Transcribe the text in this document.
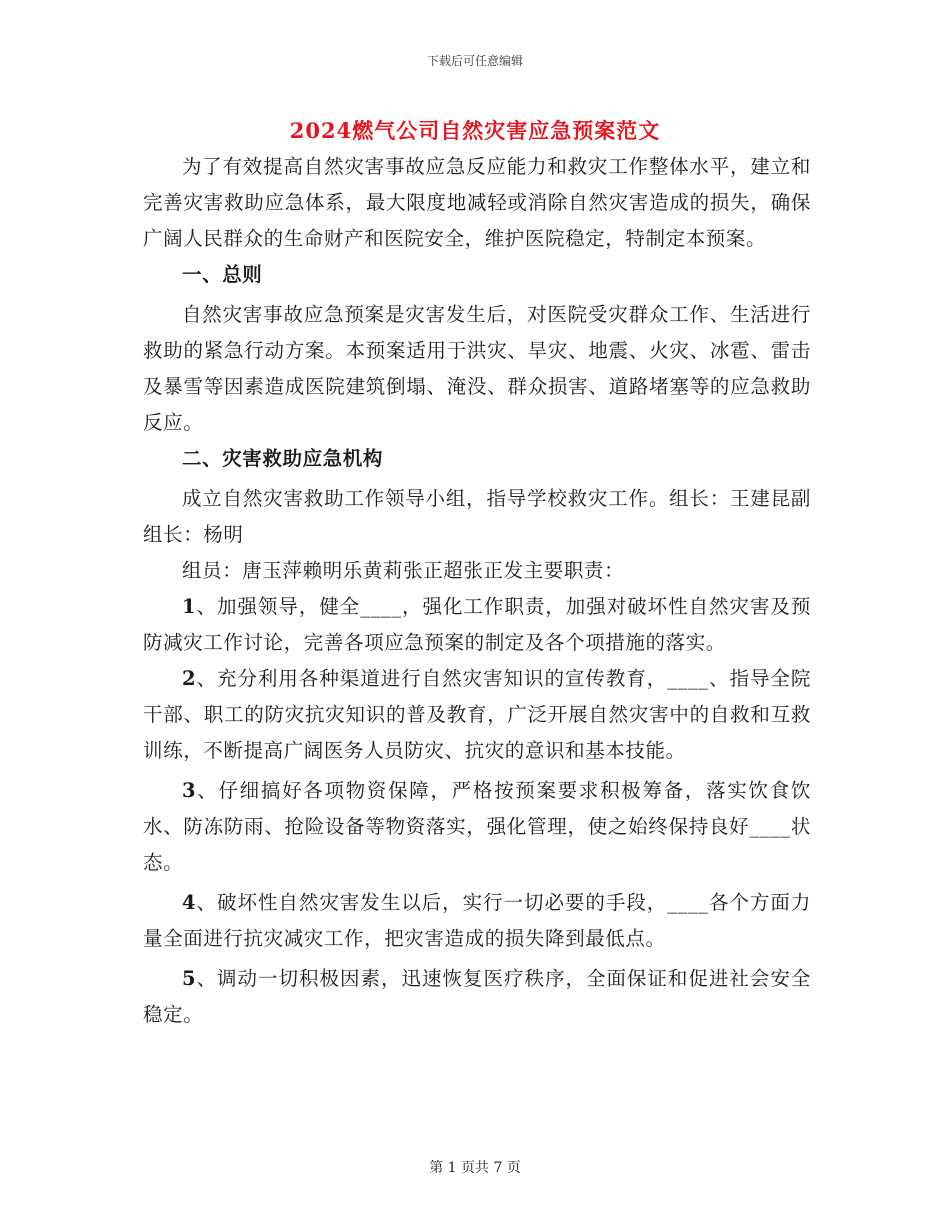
下载后可任意编辑
2024燃气公司自然灾害应急预案范文

为了有效提高自然灾害事故应急反应能力和救灾工作整体水平，建立和完善灾害救助应急体系，最大限度地减轻或消除自然灾害造成的损失，确保广阔人民群众的生命财产和医院安全，维护医院稳定，特制定本预案。

一、总则

自然灾害事故应急预案是灾害发生后，对医院受灾群众工作、生活进行救助的紧急行动方案。本预案适用于洪灾、旱灾、地震、火灾、冰雹、雷击及暴雪等因素造成医院建筑倒塌、淹没、群众损害、道路堵塞等的应急救助反应。

二、灾害救助应急机构

成立自然灾害救助工作领导小组，指导学校救灾工作。组长：王建昆副组长：杨明

组员：唐玉萍赖明乐黄莉张正超张正发主要职责：

1、加强领导，健全____，强化工作职责，加强对破坏性自然灾害及预防减灾工作讨论，完善各项应急预案的制定及各个项措施的落实。

2、充分利用各种渠道进行自然灾害知识的宣传教育，____、指导全院干部、职工的防灾抗灾知识的普及教育，广泛开展自然灾害中的自救和互救训练，不断提高广阔医务人员防灾、抗灾的意识和基本技能。

3、仔细搞好各项物资保障，严格按预案要求积极筹备，落实饮食饮水、防冻防雨、抢险设备等物资落实，强化管理，使之始终保持良好____状态。

4、破坏性自然灾害发生以后，实行一切必要的手段，____各个方面力量全面进行抗灾减灾工作，把灾害造成的损失降到最低点。

5、调动一切积极因素，迅速恢复医疗秩序，全面保证和促进社会安全稳定。

第 1 页共 7 页
